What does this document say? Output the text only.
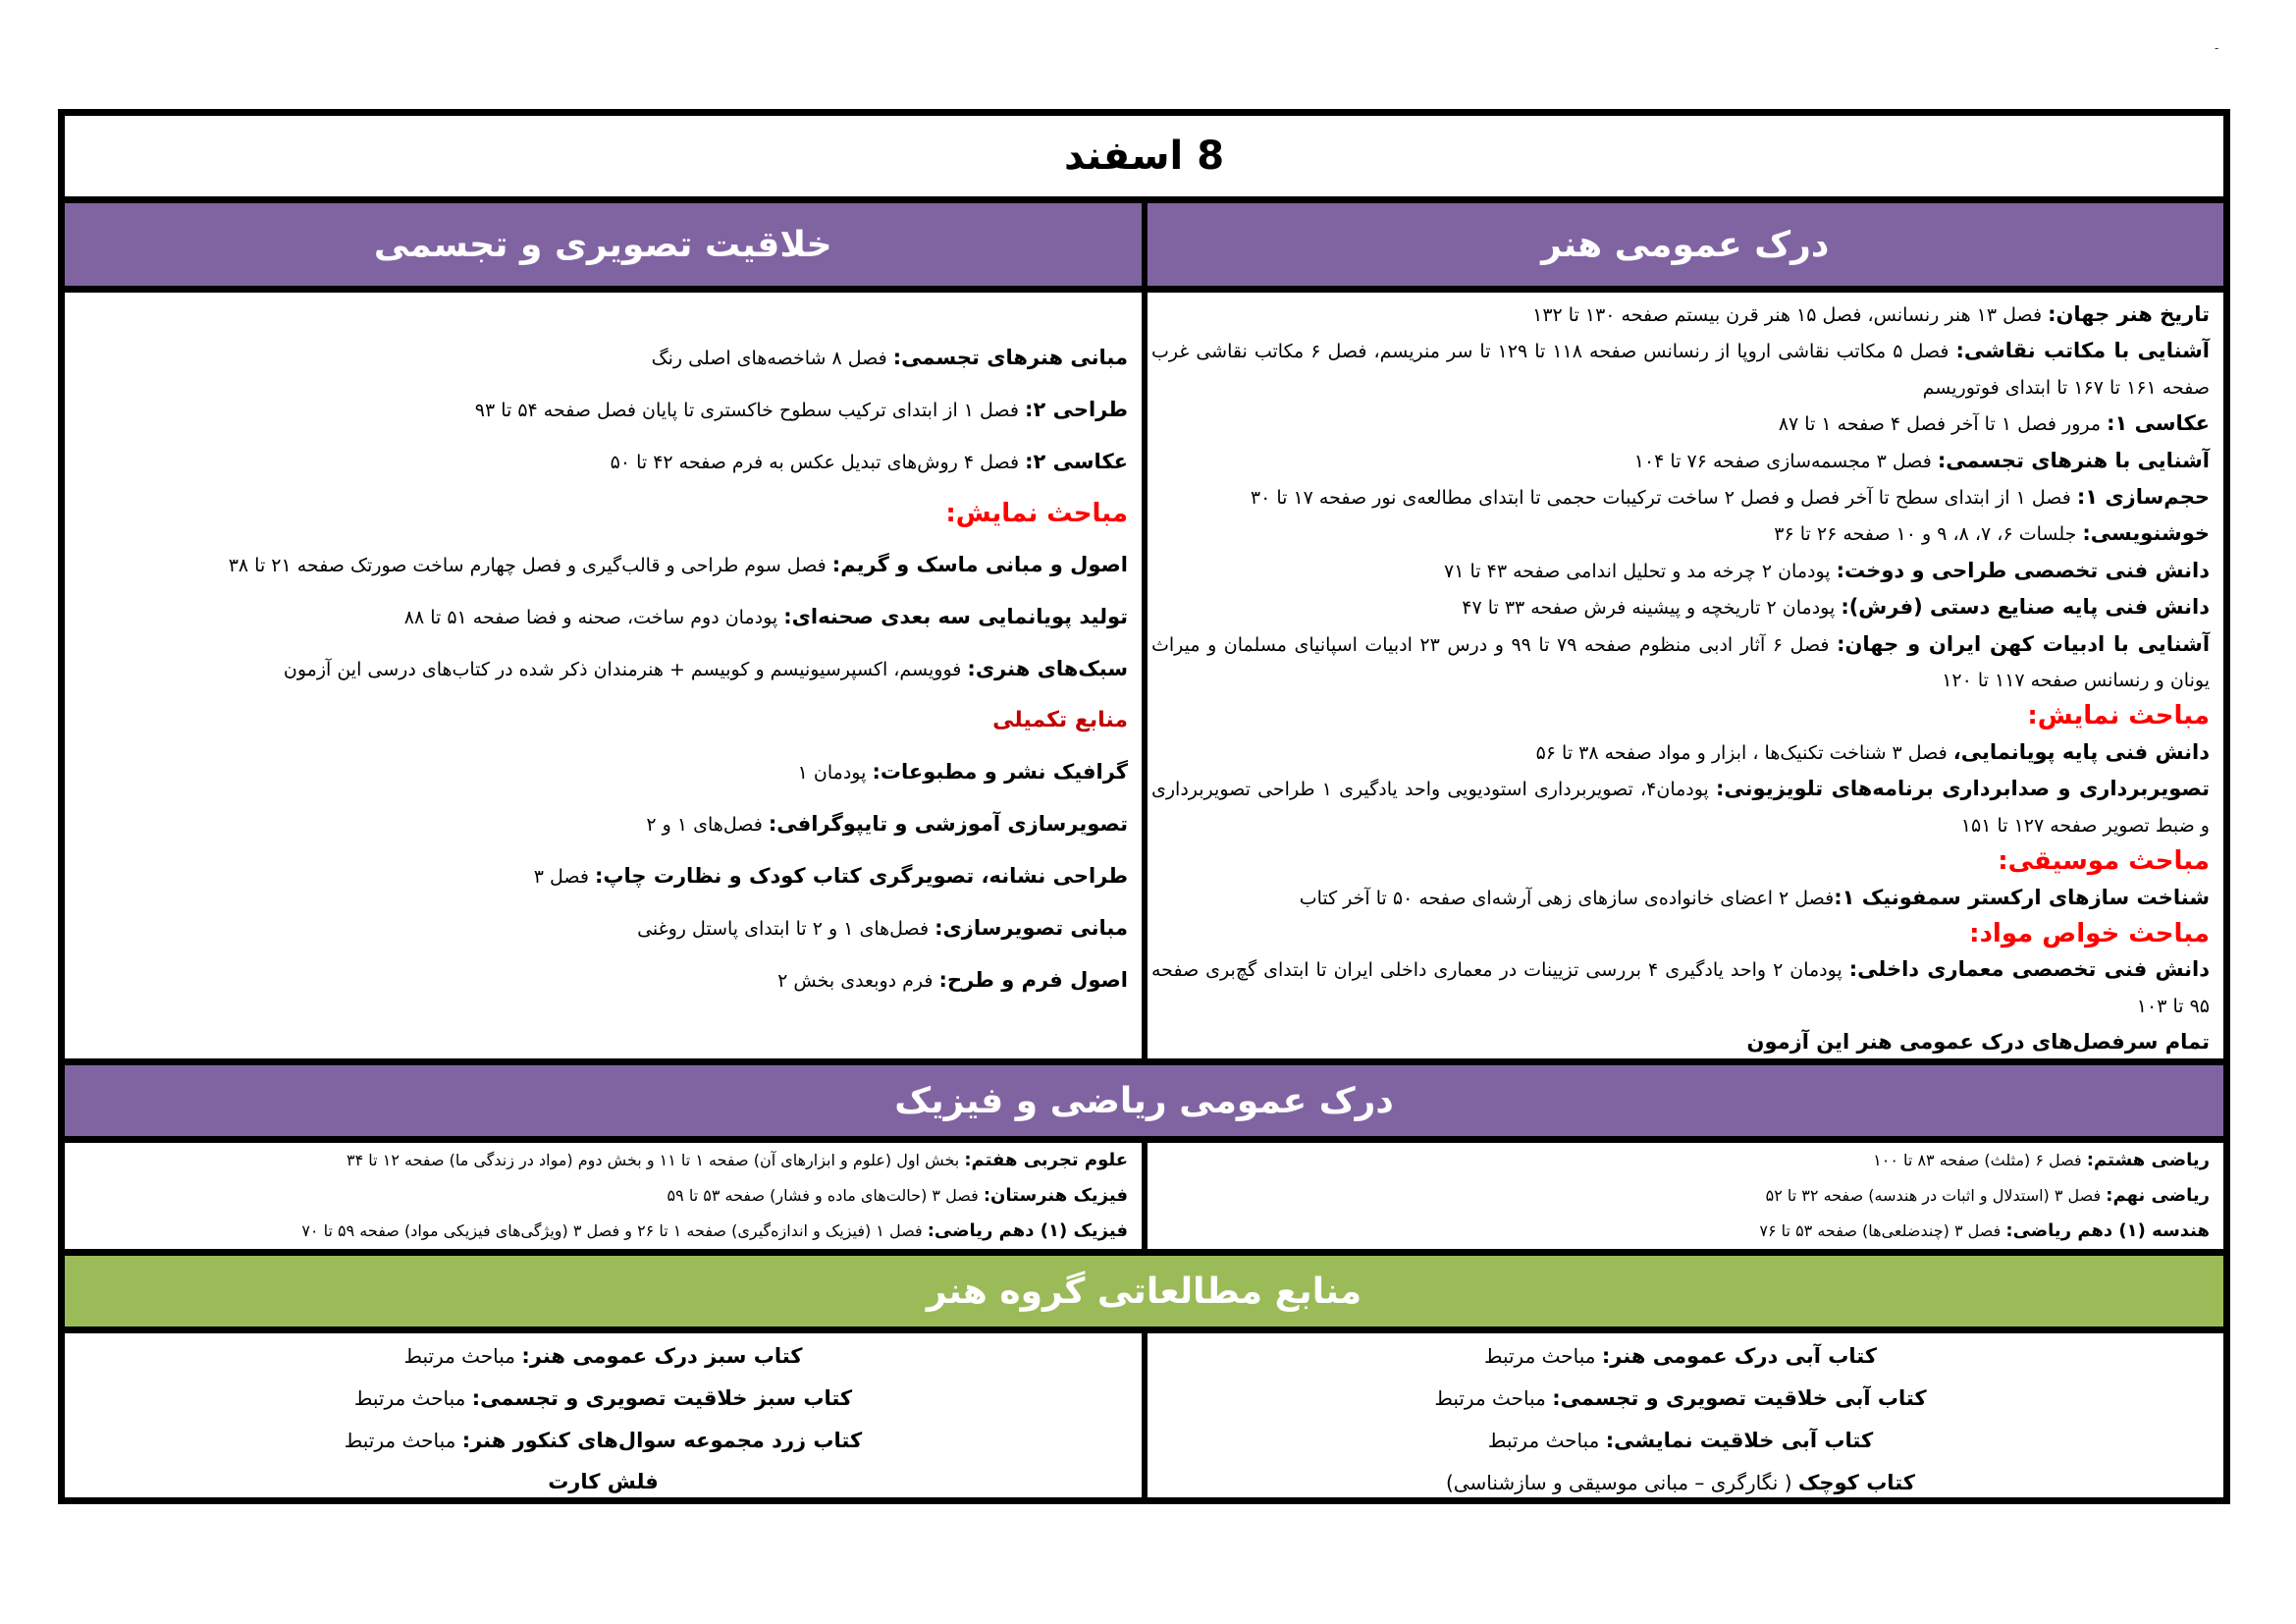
-
8 اسفند
درک عمومی هنر
خلاقیت تصویری و تجسمی
تاریخ هنر جهان: فصل ۱۳ هنر رنسانس، فصل ۱۵ هنر قرن بیستم صفحه ۱۳۰ تا ۱۳۲
آشنایی با مکاتب نقاشی: فصل ۵ مکاتب نقاشی اروپا از رنسانس صفحه ۱۱۸ تا ۱۲۹ تا سر منریسم، فصل ۶ مکاتب نقاشی غرب صفحه ۱۶۱ تا ۱۶۷ تا ابتدای فوتوریسم
عکاسی ۱: مرور فصل ۱ تا آخر فصل ۴ صفحه ۱ تا ۸۷
آشنایی با هنرهای تجسمی: فصل ۳ مجسمه‌سازی صفحه ۷۶ تا ۱۰۴
حجم‌سازی ۱: فصل ۱ از ابتدای سطح تا آخر فصل و فصل ۲ ساخت ترکیبات حجمی تا ابتدای مطالعه‌ی نور صفحه ۱۷ تا ۳۰
خوشنویسی: جلسات ۶، ۷، ۸، ۹ و ۱۰ صفحه ۲۶ تا ۳۶
دانش فنی تخصصی طراحی و دوخت: پودمان ۲ چرخه مد و تحلیل اندامی صفحه ۴۳ تا ۷۱
دانش فنی پایه صنایع دستی (فرش): پودمان ۲ تاریخچه و پیشینه فرش صفحه ۳۳ تا ۴۷
آشنایی با ادبیات کهن ایران و جهان: فصل ۶ آثار ادبی منظوم صفحه ۷۹ تا ۹۹ و درس ۲۳ ادبیات اسپانیای مسلمان و میراث یونان و رنسانس صفحه ۱۱۷ تا ۱۲۰
مباحث نمایش:
دانش فنی پایه پویانمایی، فصل ۳ شناخت تکنیک‌ها ، ابزار و مواد صفحه ۳۸ تا ۵۶
تصویربرداری و صدابرداری برنامه‌های تلویزیونی: پودمان۴، تصویربرداری استودیویی واحد یادگیری ۱ طراحی تصویربرداری و ضبط تصویر صفحه ۱۲۷ تا ۱۵۱
مباحث موسیقی:
شناخت سازهای ارکستر سمفونیک ۱:فصل ۲ اعضای خانواده‌ی سازهای زهی آرشه‌ای صفحه ۵۰ تا آخر کتاب
مباحث خواص مواد:
دانش فنی تخصصی معماری داخلی: پودمان ۲ واحد یادگیری ۴ بررسی تزیینات در معماری داخلی ایران تا ابتدای گچ‌بری صفحه ۹۵ تا ۱۰۳
تمام سرفصل‌های درک عمومی هنر این آزمون
مبانی هنرهای تجسمی: فصل ۸ شاخصه‌های اصلی رنگ
طراحی ۲: فصل ۱ از ابتدای ترکیب سطوح خاکستری تا پایان فصل صفحه ۵۴ تا ۹۳
عکاسی ۲: فصل ۴ روش‌های تبدیل عکس به فرم صفحه ۴۲ تا ۵۰
مباحث نمایش:
اصول و مبانی ماسک و گریم: فصل سوم طراحی و قالب‌گیری و فصل چهارم ساخت صورتک صفحه ۲۱ تا ۳۸
تولید پویانمایی سه بعدی صحنه‌ای: پودمان دوم ساخت، صحنه و فضا صفحه ۵۱ تا ۸۸
سبک‌های هنری: فوویسم، اکسپرسیونیسم و کوبیسم + هنرمندان ذکر شده در کتاب‌های درسی این آزمون
منابع تکمیلی
گرافیک نشر و مطبوعات: پودمان ۱
تصویرسازی آموزشی و تایپوگرافی: فصل‌های ۱ و ۲
طراحی نشانه، تصویرگری کتاب کودک و نظارت چاپ: فصل ۳
مبانی تصویرسازی: فصل‌های ۱ و ۲ تا ابتدای پاستل روغنی
اصول فرم و طرح: فرم دوبعدی بخش ۲
درک عمومی ریاضی و فیزیک
ریاضی هشتم: فصل ۶ (مثلث) صفحه ۸۳ تا ۱۰۰
ریاضی نهم: فصل ۳ (استدلال و اثبات در هندسه) صفحه ۳۲ تا ۵۲
هندسه (۱) دهم ریاضی: فصل ۳ (چندضلعی‌ها) صفحه ۵۳ تا ۷۶
علوم تجربی هفتم: بخش اول (علوم و ابزارهای آن) صفحه ۱ تا ۱۱ و بخش دوم (مواد در زندگی ما) صفحه ۱۲ تا ۳۴
فیزیک هنرستان: فصل ۳ (حالت‌های ماده و فشار) صفحه ۵۳ تا ۵۹
فیزیک (۱) دهم ریاضی: فصل ۱ (فیزیک و اندازه‌گیری) صفحه ۱ تا ۲۶ و فصل ۳ (ویژگی‌های فیزیکی مواد) صفحه ۵۹ تا ۷۰
منابع مطالعاتی گروه هنر
کتاب آبی درک عمومی هنر: مباحث مرتبط
کتاب آبی خلاقیت تصویری و تجسمی: مباحث مرتبط
کتاب آبی خلاقیت نمایشی: مباحث مرتبط
کتاب کوچک ( نگارگری – مبانی موسیقی و سازشناسی)
کتاب سبز درک عمومی هنر: مباحث مرتبط
کتاب سبز خلاقیت تصویری و تجسمی: مباحث مرتبط
کتاب زرد مجموعه سوال‌های کنکور هنر: مباحث مرتبط
فلش کارت
